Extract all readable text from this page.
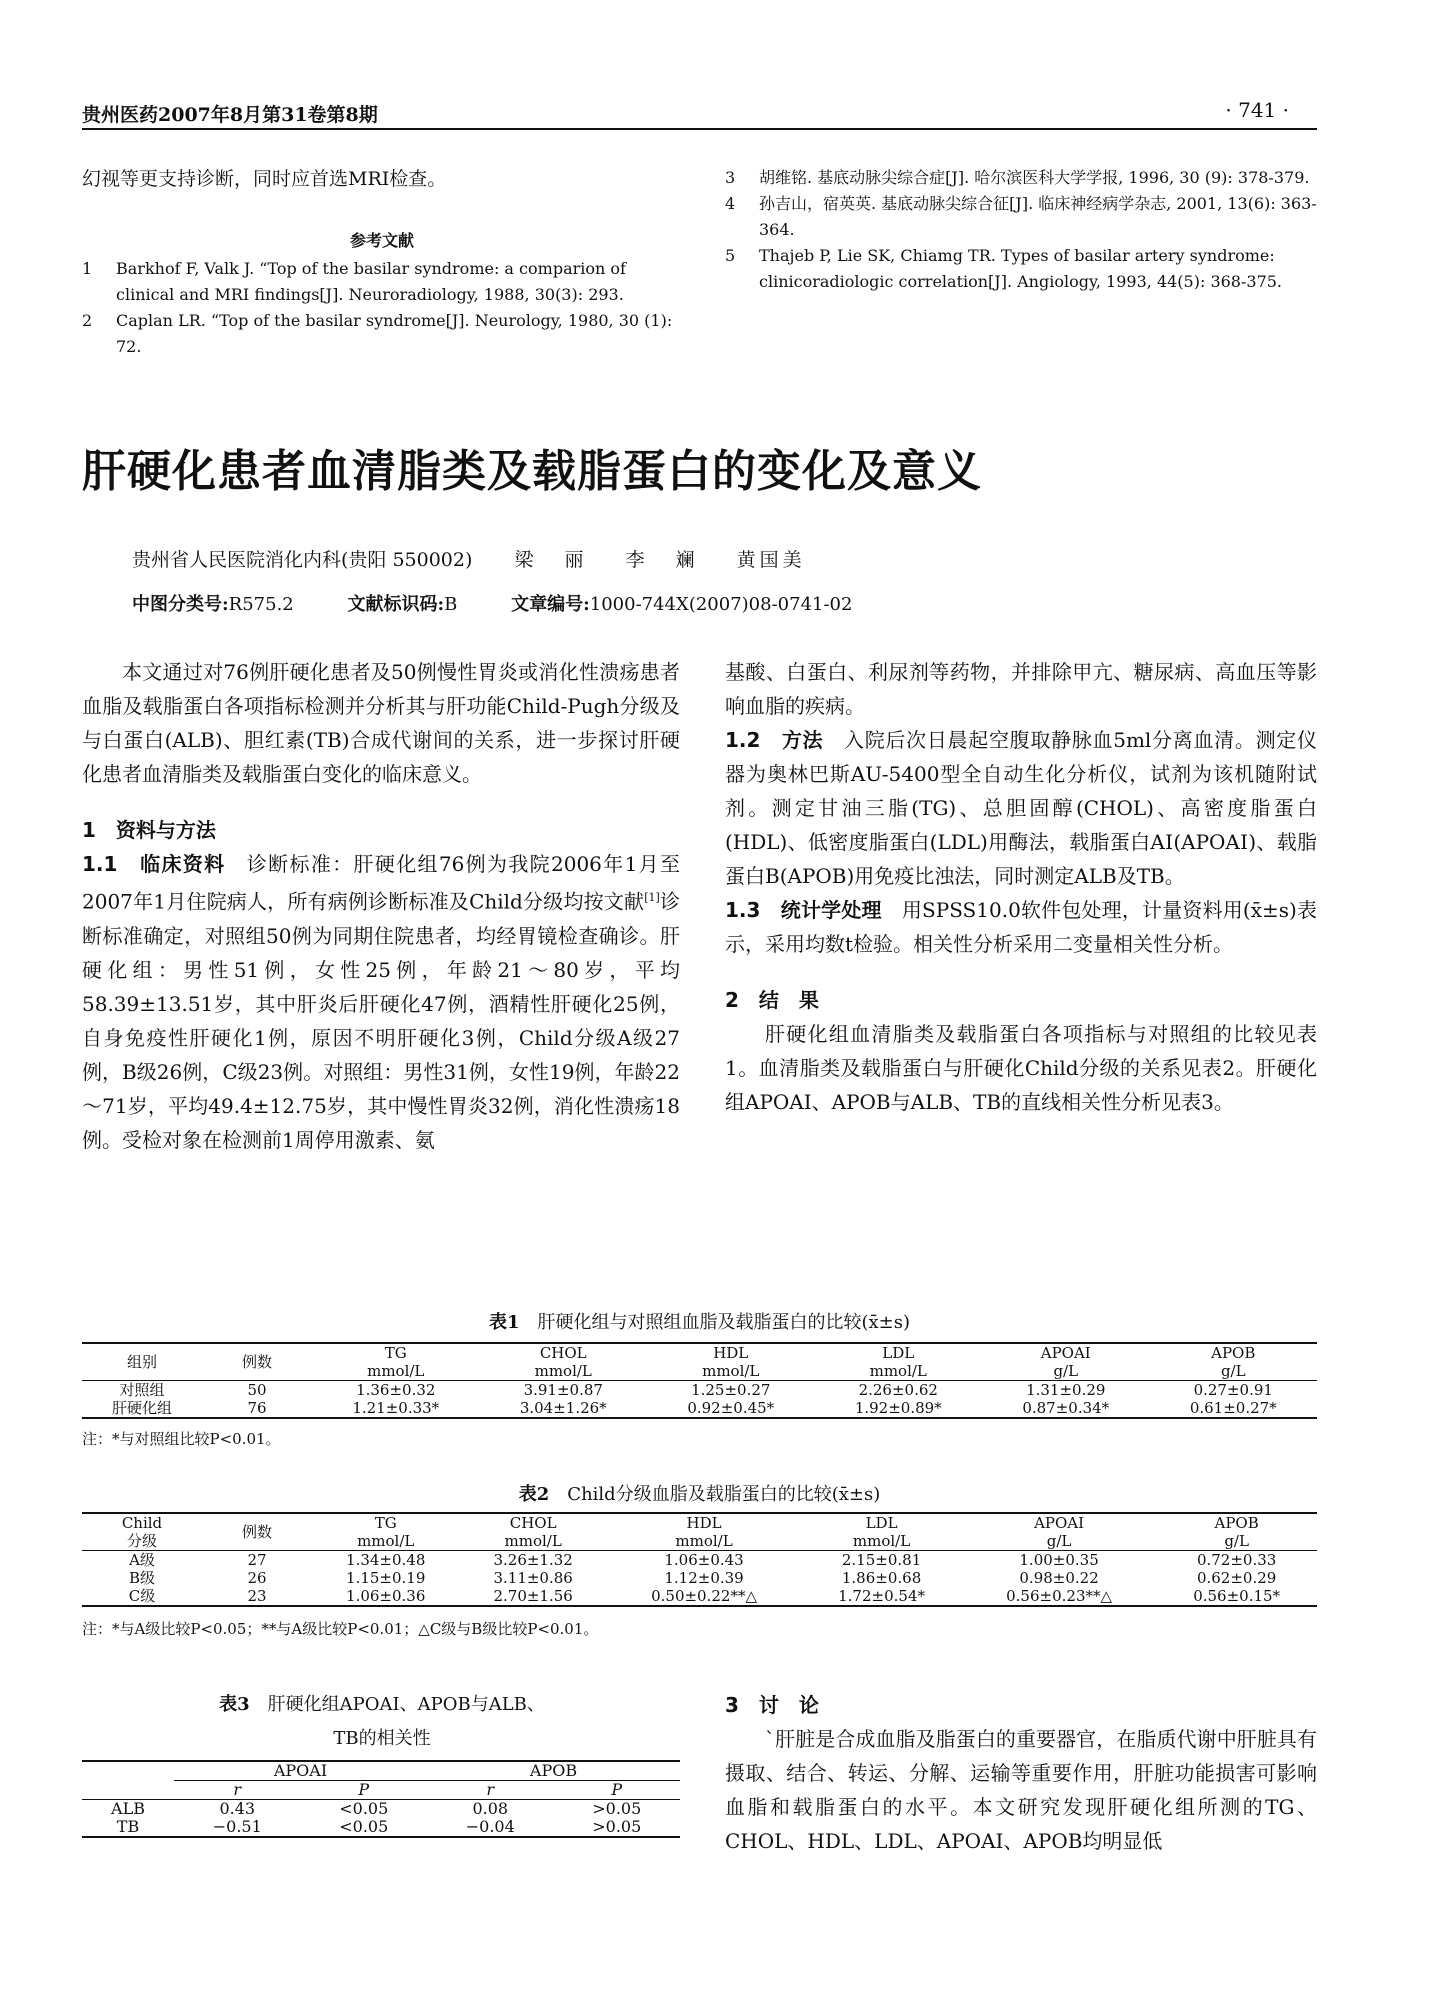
贵州医药2007年8月第31卷第8期	· 741 ·
幻视等更支持诊断，同时应首选MRI检查。
参考文献
1 Barkhof F, Valk J. “Top of the basilar syndrome: a comparion of clinical and MRI findings[J]. Neuroradiology, 1988, 30(3): 293.
2 Caplan LR. “Top of the basilar syndrome[J]. Neurology, 1980, 30 (1): 72.
3 胡维铭. 基底动脉尖综合症[J]. 哈尔滨医科大学学报, 1996, 30 (9): 378-379.
4 孙吉山，宿英英. 基底动脉尖综合征[J]. 临床神经病学杂志, 2001, 13(6): 363-364.
5 Thajeb P, Lie SK, Chiamg TR. Types of basilar artery syndrome: clinicoradiologic correlation[J]. Angiology, 1993, 44(5): 368-375.
肝硬化患者血清脂类及载脂蛋白的变化及意义
贵州省人民医院消化内科(贵阳 550002) 梁　丽 李　斓 黄国美
中图分类号:R575.2	文献标识码:B	文章编号:1000-744X(2007)08-0741-02
本文通过对76例肝硬化患者及50例慢性胃炎或消化性溃疡患者血脂及载脂蛋白各项指标检测并分析其与肝功能Child-Pugh分级及与白蛋白(ALB)、胆红素(TB)合成代谢间的关系，进一步探讨肝硬化患者血清脂类及载脂蛋白变化的临床意义。
1　资料与方法
1.1　临床资料　 诊断标准：肝硬化组76例为我院2006年1月至2007年1月住院病人，所有病例诊断标准及Child分级均按文献[1]诊断标准确定，对照组50例为同期住院患者，均经胃镜检查确诊。肝硬化组：男性51例，女性25例，年龄21～80岁，平均58.39±13.51岁，其中肝炎后肝硬化47例，酒精性肝硬化25例，自身免疫性肝硬化1例，原因不明肝硬化3例，Child分级A级27例，B级26例，C级23例。对照组：男性31例，女性19例，年龄22～71岁，平均49.4±12.75岁，其中慢性胃炎32例，消化性溃疡18例。受检对象在检测前1周停用激素、氨
基酸、白蛋白、利尿剂等药物，并排除甲亢、糖尿病、高血压等影响血脂的疾病。
1.2　方法　 入院后次日晨起空腹取静脉血5ml分离血清。测定仪器为奥林巴斯AU-5400型全自动生化分析仪，试剂为该机随附试剂。测定甘油三脂(TG)、总胆固醇(CHOL)、高密度脂蛋白(HDL)、低密度脂蛋白(LDL)用酶法，载脂蛋白AⅠ(APOAⅠ)、载脂蛋白B(APOB)用免疫比浊法，同时测定ALB及TB。
1.3　统计学处理　 用SPSS10.0软件包处理，计量资料用(x̄±s)表示，采用均数t检验。相关性分析采用二变量相关性分析。
2　结　果
肝硬化组血清脂类及载脂蛋白各项指标与对照组的比较见表1。血清脂类及载脂蛋白与肝硬化Child分级的关系见表2。肝硬化组APOAⅠ、APOB与ALB、TB的直线相关性分析见表3。
表1　 肝硬化组与对照组血脂及载脂蛋白的比较(x̄±s)
组别	例数	TG	CHOL	HDL	LDL	APOAⅠ	APOB
		mmol/L	mmol/L	mmol/L	mmol/L	g/L	g/L
对照组	50	1.36±0.32	3.91±0.87	1.25±0.27	2.26±0.62	1.31±0.29	0.27±0.91
肝硬化组	76	1.21±0.33*	3.04±1.26*	0.92±0.45*	1.92±0.89*	0.87±0.34*	0.61±0.27*
注：*与对照组比较P<0.01。
表2　 Child分级血脂及载脂蛋白的比较(x̄±s)
Child	例数	TG	CHOL	HDL	LDL	APOAI	APOB
分级		mmol/L	mmol/L	mmol/L	mmol/L	g/L	g/L
A级	27	1.34±0.48	3.26±1.32	1.06±0.43	2.15±0.81	1.00±0.35	0.72±0.33
B级	26	1.15±0.19	3.11±0.86	1.12±0.39	1.86±0.68	0.98±0.22	0.62±0.29
C级	23	1.06±0.36	2.70±1.56	0.50±0.22**△	1.72±0.54*	0.56±0.23**△	0.56±0.15*
注：*与A级比较P<0.05；**与A级比较P<0.01；△C级与B级比较P<0.01。
表3　 肝硬化组APOAⅠ、APOB与ALB、
TB的相关性
	APOAI		APOB	
	r	P	r	P
ALB	0.43	<0.05	0.08	>0.05
TB	−0.51	<0.05	−0.04	>0.05
3　讨　论
`肝脏是合成血脂及脂蛋白的重要器官，在脂质代谢中肝脏具有摄取、结合、转运、分解、运输等重要作用，肝脏功能损害可影响血脂和载脂蛋白的水平。本文研究发现肝硬化组所测的TG、CHOL、HDL、LDL、APOAⅠ、APOB均明显低
